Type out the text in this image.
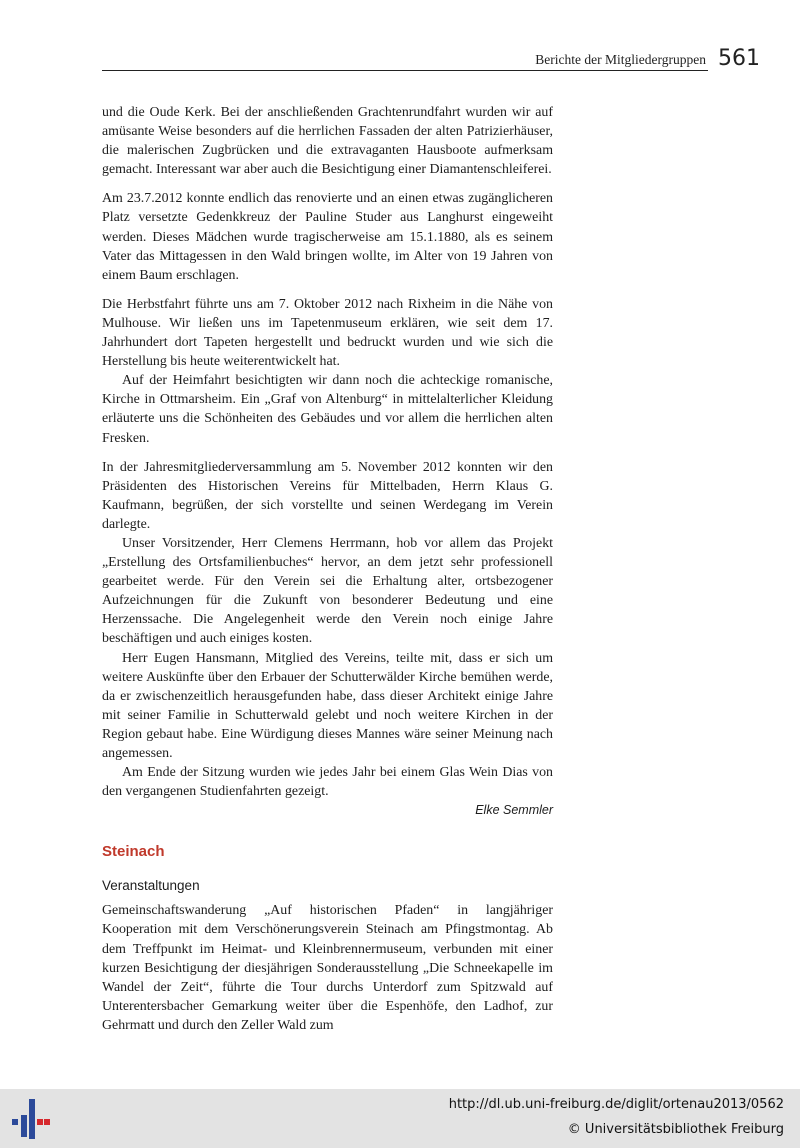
Berichte der Mitgliedergruppen 561

und die Oude Kerk. Bei der anschließenden Grachtenrundfahrt wurden wir auf amüsante Weise besonders auf die herrlichen Fassaden der alten Patrizierhäuser, die malerischen Zugbrücken und die extravaganten Hausboote aufmerksam gemacht. Interessant war aber auch die Besichtigung einer Diamantenschleiferei.

Am 23.7.2012 konnte endlich das renovierte und an einen etwas zugänglicheren Platz versetzte Gedenkkreuz der Pauline Studer aus Langhurst eingeweiht werden. Dieses Mädchen wurde tragischerweise am 15.1.1880, als es seinem Vater das Mittagessen in den Wald bringen wollte, im Alter von 19 Jahren von einem Baum erschlagen.

Die Herbstfahrt führte uns am 7. Oktober 2012 nach Rixheim in die Nähe von Mulhouse. Wir ließen uns im Tapetenmuseum erklären, wie seit dem 17. Jahrhundert dort Tapeten hergestellt und bedruckt wurden und wie sich die Herstellung bis heute weiterentwickelt hat.

Auf der Heimfahrt besichtigten wir dann noch die achteckige romanische, Kirche in Ottmarsheim. Ein „Graf von Altenburg“ in mittelalterlicher Kleidung erläuterte uns die Schönheiten des Gebäudes und vor allem die herrlichen alten Fresken.

In der Jahresmitgliederversammlung am 5. November 2012 konnten wir den Präsidenten des Historischen Vereins für Mittelbaden, Herrn Klaus G. Kaufmann, begrüßen, der sich vorstellte und seinen Werdegang im Verein darlegte.

Unser Vorsitzender, Herr Clemens Herrmann, hob vor allem das Projekt „Erstellung des Ortsfamilienbuches“ hervor, an dem jetzt sehr professionell gearbeitet werde. Für den Verein sei die Erhaltung alter, ortsbezogener Aufzeichnungen für die Zukunft von besonderer Bedeutung und eine Herzenssache. Die Angelegenheit werde den Verein noch einige Jahre beschäftigen und auch einiges kosten.

Herr Eugen Hansmann, Mitglied des Vereins, teilte mit, dass er sich um weitere Auskünfte über den Erbauer der Schutterwälder Kirche bemühen werde, da er zwischenzeitlich herausgefunden habe, dass dieser Architekt einige Jahre mit seiner Familie in Schutterwald gelebt und noch weitere Kirchen in der Region gebaut habe. Eine Würdigung dieses Mannes wäre seiner Meinung nach angemessen.

Am Ende der Sitzung wurden wie jedes Jahr bei einem Glas Wein Dias von den vergangenen Studienfahrten gezeigt.

Elke Semmler

Steinach
Veranstaltungen

Gemeinschaftswanderung „Auf historischen Pfaden“ in langjähriger Kooperation mit dem Verschönerungsverein Steinach am Pfingstmontag. Ab dem Treffpunkt im Heimat- und Kleinbrennermuseum, verbunden mit einer kurzen Besichtigung der diesjährigen Sonderausstellung „Die Schneekapelle im Wandel der Zeit“, führte die Tour durchs Unterdorf zum Spitzwald auf Unterentersbacher Gemarkung weiter über die Espenhöfe, den Ladhof, zur Gehrmatt und durch den Zeller Wald zum

http://dl.ub.uni-freiburg.de/diglit/ortenau2013/0562
© Universitätsbibliothek Freiburg
